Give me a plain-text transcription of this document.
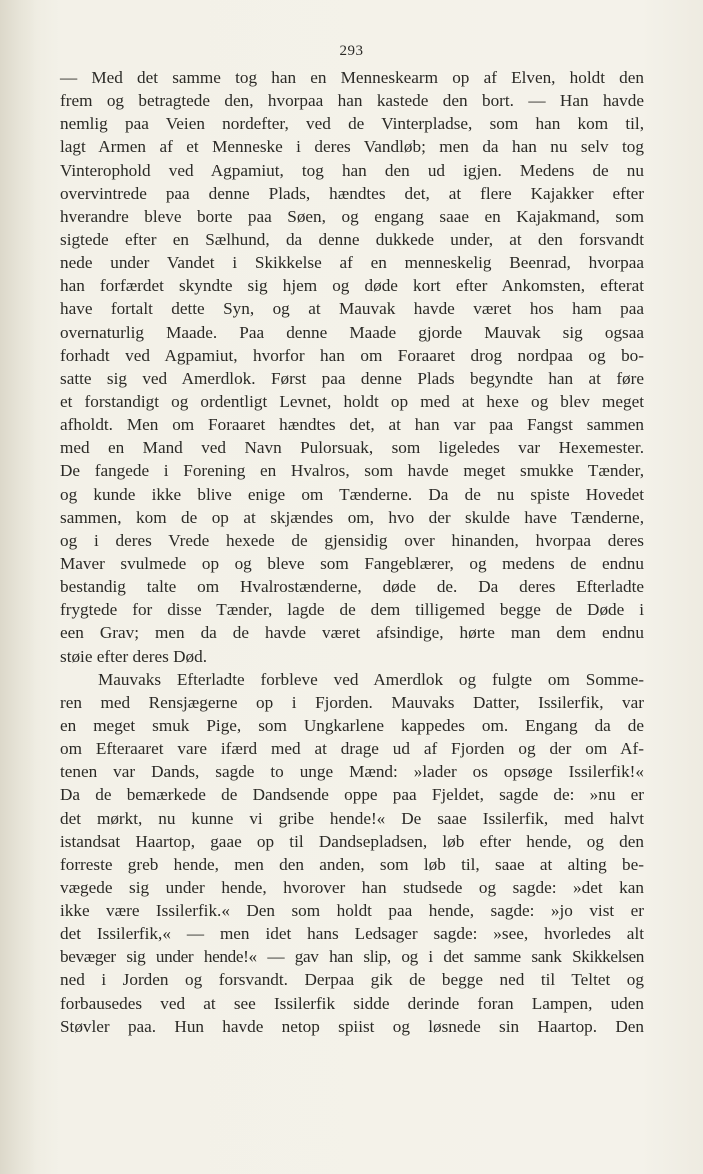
293
— Med det samme tog han en Menneskearm op af Elven, holdt den
frem og betragtede den, hvorpaa han kastede den bort. — Han havde
nemlig paa Veien nordefter, ved de Vinterpladse, som han kom til,
lagt Armen af et Menneske i deres Vandløb; men da han nu selv tog
Vinterophold ved Agpamiut, tog han den ud igjen. Medens de nu
overvintrede paa denne Plads, hændtes det, at flere Kajakker efter
hverandre bleve borte paa Søen, og engang saae en Kajakmand, som
sigtede efter en Sælhund, da denne dukkede under, at den forsvandt
nede under Vandet i Skikkelse af en menneskelig Beenrad, hvorpaa
han forfærdet skyndte sig hjem og døde kort efter Ankomsten, efterat
have fortalt dette Syn, og at Mauvak havde været hos ham paa
overnaturlig Maade. Paa denne Maade gjorde Mauvak sig ogsaa
forhadt ved Agpamiut, hvorfor han om Foraaret drog nordpaa og bo-
satte sig ved Amerdlok. Først paa denne Plads begyndte han at føre
et forstandigt og ordentligt Levnet, holdt op med at hexe og blev meget
afholdt. Men om Foraaret hændtes det, at han var paa Fangst sammen
med en Mand ved Navn Pulorsuak, som ligeledes var Hexemester.
De fangede i Forening en Hvalros, som havde meget smukke Tænder,
og kunde ikke blive enige om Tænderne. Da de nu spiste Hovedet
sammen, kom de op at skjændes om, hvo der skulde have Tænderne,
og i deres Vrede hexede de gjensidig over hinanden, hvorpaa deres
Maver svulmede op og bleve som Fangeblærer, og medens de endnu
bestandig talte om Hvalrostænderne, døde de. Da deres Efterladte
frygtede for disse Tænder, lagde de dem tilligemed begge de Døde i
een Grav; men da de havde været afsindige, hørte man dem endnu
støie efter deres Død.
Mauvaks Efterladte forbleve ved Amerdlok og fulgte om Somme-
ren med Rensjægerne op i Fjorden. Mauvaks Datter, Issilerfik, var
en meget smuk Pige, som Ungkarlene kappedes om. Engang da de
om Efteraaret vare ifærd med at drage ud af Fjorden og der om Af-
tenen var Dands, sagde to unge Mænd: »lader os opsøge Issilerfik!«
Da de bemærkede de Dandsende oppe paa Fjeldet, sagde de: »nu er
det mørkt, nu kunne vi gribe hende!« De saae Issilerfik, med halvt
istandsat Haartop, gaae op til Dandsepladsen, løb efter hende, og den
forreste greb hende, men den anden, som løb til, saae at alting be-
vægede sig under hende, hvorover han studsede og sagde: »det kan
ikke være Issilerfik.« Den som holdt paa hende, sagde: »jo vist er
det Issilerfik,« — men idet hans Ledsager sagde: »see, hvorledes alt
bevæger sig under hende!« — gav han slip, og i det samme sank Skikkelsen
ned i Jorden og forsvandt. Derpaa gik de begge ned til Teltet og
forbausedes ved at see Issilerfik sidde derinde foran Lampen, uden
Støvler paa. Hun havde netop spiist og løsnede sin Haartop. Den
